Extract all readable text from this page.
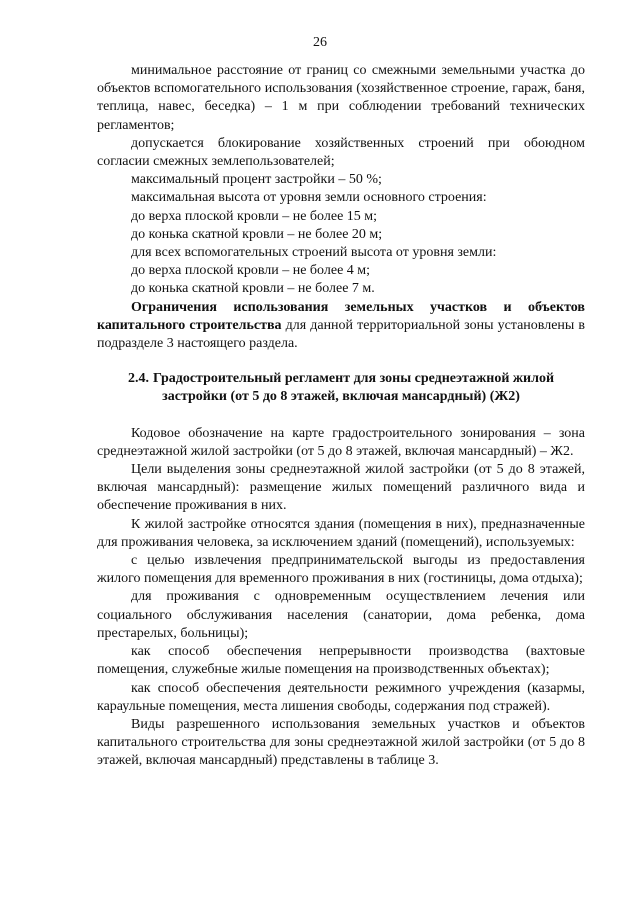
26

минимальное расстояние от границ со смежными земельными участка до объектов вспомогательного использования (хозяйственное строение, гараж, баня, теплица, навес, беседка) – 1 м при соблюдении требований технических регламентов;

допускается блокирование хозяйственных строений при обоюдном согласии смежных землепользователей;

максимальный процент застройки – 50 %;

максимальная высота от уровня земли основного строения:

до верха плоской кровли – не более 15 м;

до конька скатной кровли – не более 20 м;

для всех вспомогательных строений высота от уровня земли:

до верха плоской кровли – не более 4 м;

до конька скатной кровли – не более 7 м.

Ограничения использования земельных участков и объектов капитального строительства для данной территориальной зоны установлены в подразделе 3 настоящего раздела.

2.4. Градостроительный регламент для зоны среднеэтажной жилой застройки (от 5 до 8 этажей, включая мансардный) (Ж2)

Кодовое обозначение на карте градостроительного зонирования – зона среднеэтажной жилой застройки (от 5 до 8 этажей, включая мансардный) – Ж2.

Цели выделения зоны среднеэтажной жилой застройки (от 5 до 8 этажей, включая мансардный): размещение жилых помещений различного вида и обеспечение проживания в них.

К жилой застройке относятся здания (помещения в них), предназначенные для проживания человека, за исключением зданий (помещений), используемых:

с целью извлечения предпринимательской выгоды из предоставления жилого помещения для временного проживания в них (гостиницы, дома отдыха);

для проживания с одновременным осуществлением лечения или социального обслуживания населения (санатории, дома ребенка, дома престарелых, больницы);

как способ обеспечения непрерывности производства (вахтовые помещения, служебные жилые помещения на производственных объектах);

как способ обеспечения деятельности режимного учреждения (казармы, караульные помещения, места лишения свободы, содержания под стражей).

Виды разрешенного использования земельных участков и объектов капитального строительства для зоны среднеэтажной жилой застройки (от 5 до 8 этажей, включая мансардный) представлены в таблице 3.
